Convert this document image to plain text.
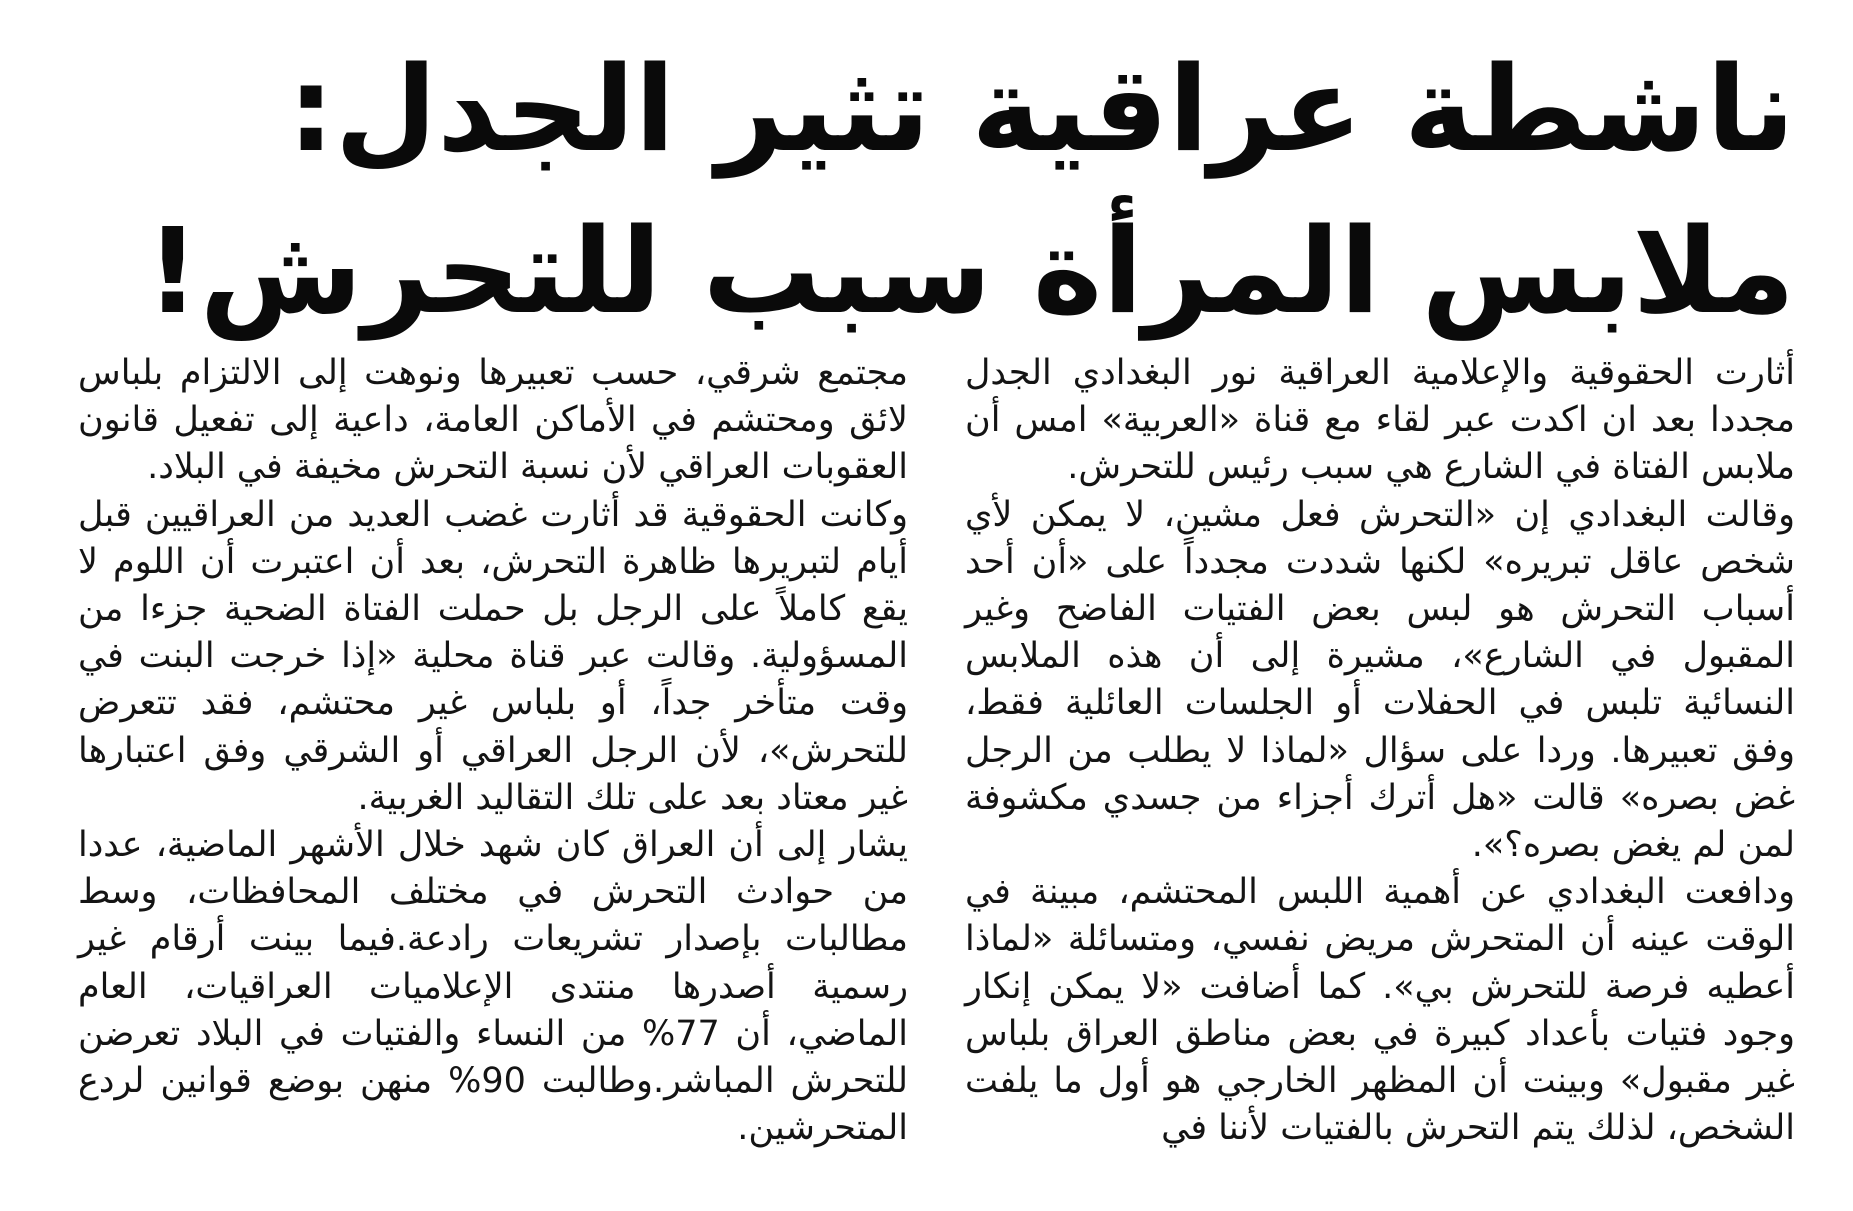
ناشطة عراقية تثير الجدل:
ملابس المرأة سبب للتحرش!

أثارت الحقوقية والإعلامية العراقية نور البغدادي الجدل مجددا بعد ان اكدت عبر لقاء مع قناة «العربية» امس أن ملابس الفتاة في الشارع هي سبب رئيس للتحرش.

وقالت البغدادي إن «التحرش فعل مشين، لا يمكن لأي شخص عاقل تبريره» لكنها شددت مجدداً على «أن أحد أسباب التحرش هو لبس بعض الفتيات الفاضح وغير المقبول في الشارع»، مشيرة إلى أن هذه الملابس النسائية تلبس في الحفلات أو الجلسات العائلية فقط، وفق تعبيرها. وردا على سؤال «لماذا لا يطلب من الرجل غض بصره» قالت «هل أترك أجزاء من جسدي مكشوفة لمن لم يغض بصره؟».

ودافعت البغدادي عن أهمية اللبس المحتشم، مبينة في الوقت عينه أن المتحرش مريض نفسي، ومتسائلة «لماذا أعطيه فرصة للتحرش بي». كما أضافت «لا يمكن إنكار وجود فتيات بأعداد كبيرة في بعض مناطق العراق بلباس غير مقبول» وبينت أن المظهر الخارجي هو أول ما يلفت الشخص، لذلك يتم التحرش بالفتيات لأننا في

مجتمع شرقي، حسب تعبيرها ونوهت إلى الالتزام بلباس لائق ومحتشم في الأماكن العامة، داعية إلى تفعيل قانون العقوبات العراقي لأن نسبة التحرش مخيفة في البلاد.

وكانت الحقوقية قد أثارت غضب العديد من العراقيين قبل أيام لتبريرها ظاهرة التحرش، بعد أن اعتبرت أن اللوم لا يقع كاملاً على الرجل بل حملت الفتاة الضحية جزءا من المسؤولية. وقالت عبر قناة محلية «إذا خرجت البنت في وقت متأخر جداً، أو بلباس غير محتشم، فقد تتعرض للتحرش»، لأن الرجل العراقي أو الشرقي وفق اعتبارها غير معتاد بعد على تلك التقاليد الغربية.

يشار إلى أن العراق كان شهد خلال الأشهر الماضية، عددا من حوادث التحرش في مختلف المحافظات، وسط مطالبات بإصدار تشريعات رادعة.فيما بينت أرقام غير رسمية أصدرها منتدى الإعلاميات العراقيات، العام الماضي، أن 77% من النساء والفتيات في البلاد تعرضن للتحرش المباشر.وطالبت 90% منهن بوضع قوانين لردع المتحرشين.
